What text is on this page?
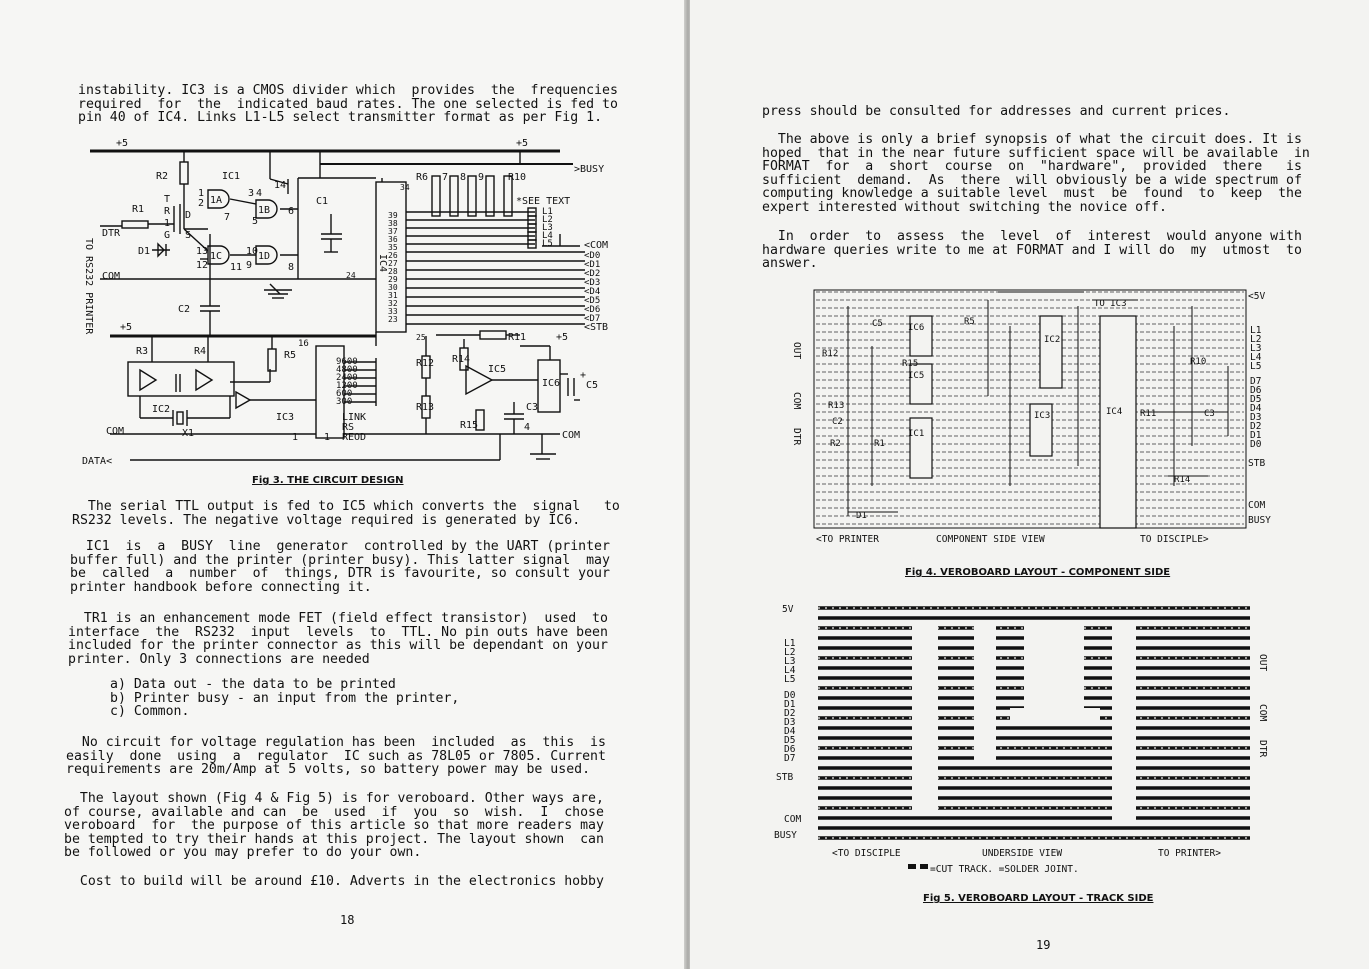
instability. IC3 is a CMOS divider which  provides  the  frequencies
required  for  the  indicated baud rates. The one selected is fed to
pin 40 of IC4. Links L1-L5 select transmitter format as per Fig 1.
+5	+5
>BUSY
R2	IC1
R1
DTR
D1
T
R
1
G
D
S
1A
1B
1C	1D
3 4
14
6
5
7
2
1
13
12 11
10
9	8
COM
C2
C1
IC4
34
24
R6 7 8 9 R10
*SEE TEXT
L1
L2
L3
L4
L5	<COM
<D0
<D1
<D2
<D3
<D4
<D5
<D6
<D7
<STB
39
38
37
36
35
26
27
28
29
30
31
32
33
23
+5
+5
R11
25
R3	R4	R5
16
9600
4800
2400
1200
600
300
LINK
RS
REOD
IC2
X1
COM
IC3
1	1
R12
R13
R14
IC5
IC6	C5
+
4
R15
C3
COM
DATA<
TO RS232 PRINTER
Fig 3. THE CIRCUIT DESIGN
The serial TTL output is fed to IC5 which converts the  signal   to
RS232 levels. The negative voltage required is generated by IC6.
IC1  is  a  BUSY  line  generator  controlled by the UART (printer
buffer full) and the printer (printer busy). This latter signal  may
be  called  a  number  of  things, DTR is favourite, so consult your
printer handbook before connecting it.
TR1 is an enhancement mode FET (field effect transistor)  used  to
interface  the  RS232  input  levels  to  TTL. No pin outs have been
included for the printer connector as this will be dependant on your
printer. Only 3 connections are needed
a) Data out - the data to be printed
b) Printer busy - an input from the printer,
c) Common.
No circuit for voltage regulation has been  included  as  this  is
easily  done  using  a  regulator  IC such as 78L05 or 7805. Current
requirements are 20m/Amp at 5 volts, so battery power may be used.
The layout shown (Fig 4 & Fig 5) is for veroboard. Other ways are,
of course, available and can  be  used  if  you  so  wish.  I  chose
veroboard  for  the purpose of this article so that more readers may
be tempted to try their hands at this project. The layout shown  can
be followed or you may prefer to do your own.
Cost to build will be around £10. Adverts in the electronics hobby
18
press should be consulted for addresses and current prices.
The above is only a brief synopsis of what the circuit does. It is
hoped  that in the near future sufficient space will be available  in
FORMAT  for  a  short  course  on  "hardware",  provided  there   is
sufficient  demand.  As  there  will obviously be a wide spectrum of
computing knowledge a suitable level  must  be  found  to  keep  the
expert interested without switching the novice off.
In  order  to  assess  the  level  of  interest  would anyone with
hardware queries write to me at FORMAT and I will do  my  utmost  to
answer.
IC6
IC5
IC1
IC3
IC2
IC4
R12
R13
R15
R1
R2
R5
R10
R11
R14
C2
C3
C5
D1
TO IC3
<5V
L1
L2
L3
L4
L5
D7
D6
D5
D4
D3
D2
D1
D0
STB
COM
BUSY
OUT
COM
DTR
<TO PRINTER	COMPONENT SIDE VIEW	TO DISCIPLE>
Fig 4. VEROBOARD LAYOUT - COMPONENT SIDE
5V
L1
L2
L3
L4
L5
D0
D1
D2
D3
D4
D5
D6
D7
STB
COM
BUSY
OUT
COM
DTR
<TO DISCIPLE	UNDERSIDE VIEW	TO PRINTER>
=CUT TRACK. =SOLDER JOINT.
Fig 5. VEROBOARD LAYOUT - TRACK SIDE
19
